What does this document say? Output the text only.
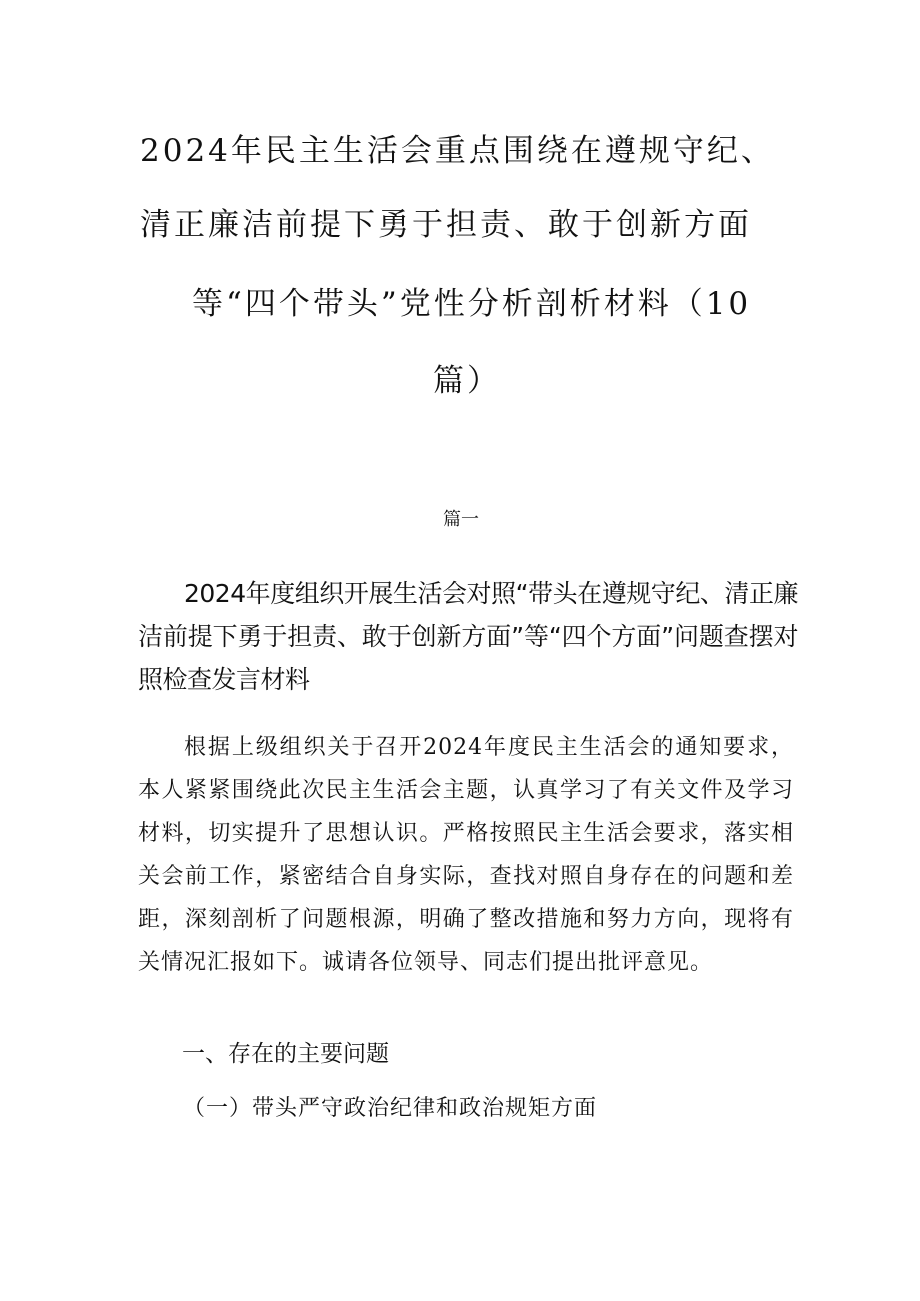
2024年民主生活会重点围绕在遵规守纪、
清正廉洁前提下勇于担责、敢于创新方面
等“四个带头”党性分析剖析材料（10
篇）
篇一
2024年度组织开展生活会对照“带头在遵规守纪、清正廉洁前提下勇于担责、敢于创新方面”等“四个方面”问题查摆对照检查发言材料
根据上级组织关于召开2024年度民主生活会的通知要求，本人紧紧围绕此次民主生活会主题，认真学习了有关文件及学习材料，切实提升了思想认识。严格按照民主生活会要求，落实相关会前工作，紧密结合自身实际，查找对照自身存在的问题和差距，深刻剖析了问题根源，明确了整改措施和努力方向，现将有关情况汇报如下。诚请各位领导、同志们提出批评意见。
一、存在的主要问题
（一）带头严守政治纪律和政治规矩方面
